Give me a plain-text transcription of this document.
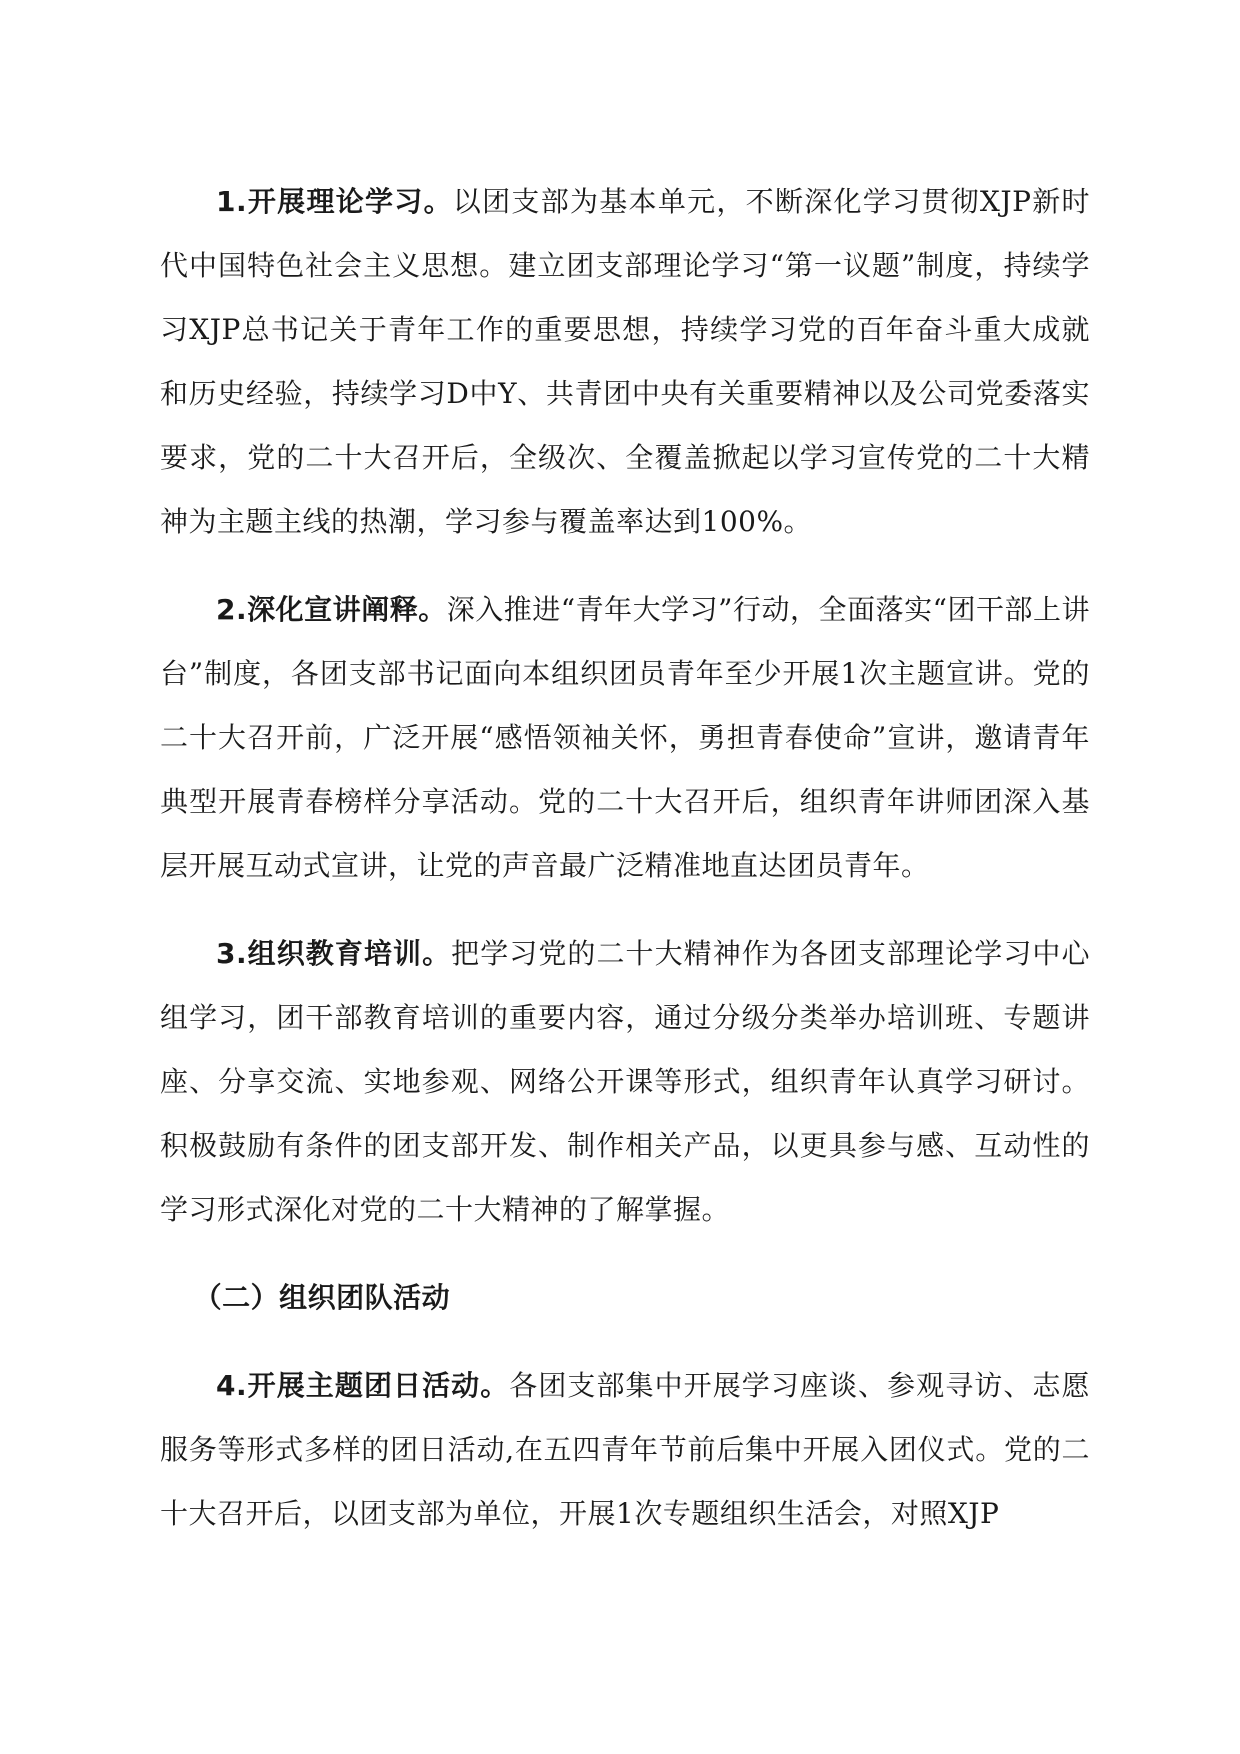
1.开展理论学习。以团支部为基本单元，不断深化学习贯彻XJP新时代中国特色社会主义思想。建立团支部理论学习“第一议题”制度，持续学习XJP总书记关于青年工作的重要思想，持续学习党的百年奋斗重大成就和历史经验，持续学习D中Y、共青团中央有关重要精神以及公司党委落实要求，党的二十大召开后，全级次、全覆盖掀起以学习宣传党的二十大精神为主题主线的热潮，学习参与覆盖率达到100%。

2.深化宣讲阐释。深入推进“青年大学习”行动，全面落实“团干部上讲台”制度，各团支部书记面向本组织团员青年至少开展1次主题宣讲。党的二十大召开前，广泛开展“感悟领袖关怀，勇担青春使命”宣讲，邀请青年典型开展青春榜样分享活动。党的二十大召开后，组织青年讲师团深入基层开展互动式宣讲，让党的声音最广泛精准地直达团员青年。

3.组织教育培训。把学习党的二十大精神作为各团支部理论学习中心组学习，团干部教育培训的重要内容，通过分级分类举办培训班、专题讲座、分享交流、实地参观、网络公开课等形式，组织青年认真学习研讨。积极鼓励有条件的团支部开发、制作相关产品，以更具参与感、互动性的学习形式深化对党的二十大精神的了解掌握。

（二）组织团队活动

4.开展主题团日活动。各团支部集中开展学习座谈、参观寻访、志愿服务等形式多样的团日活动,在五四青年节前后集中开展入团仪式。党的二十大召开后，以团支部为单位，开展1次专题组织生活会，对照XJP
